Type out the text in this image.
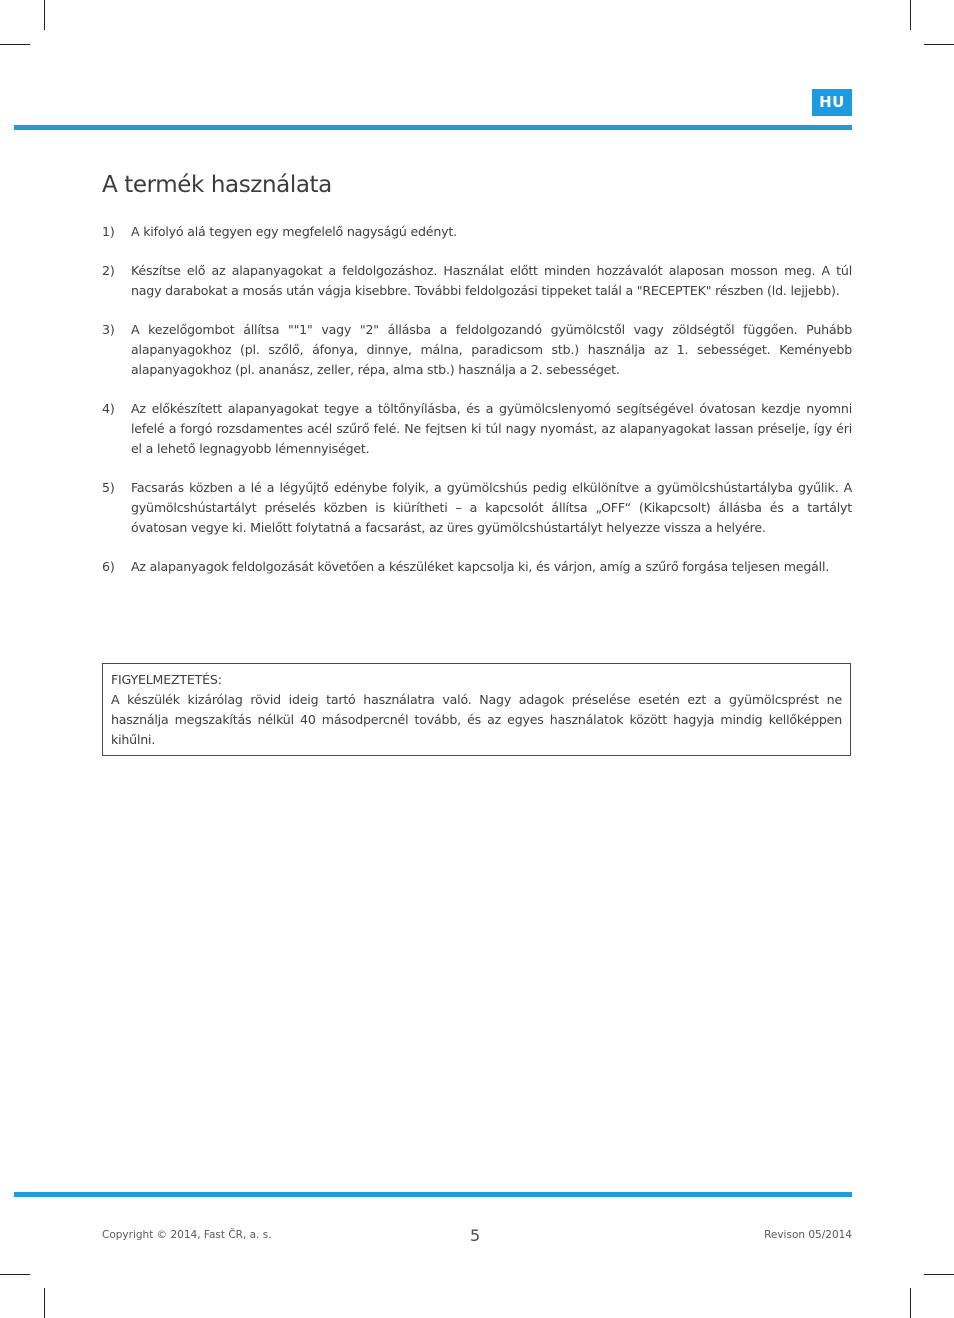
HU
A termék használata
1) A kifolyó alá tegyen egy megfelelő nagyságú edényt.
2) Készítse elő az alapanyagokat a feldolgozáshoz. Használat előtt minden hozzávalót alaposan mosson meg. A túl nagy darabokat a mosás után vágja kisebbre. További feldolgozási tippeket talál a "RECEPTEK" részben (ld. lejjebb).
3) A kezelőgombot állítsa ""1" vagy "2" állásba a feldolgozandó gyümölcstől vagy zöldségtől függően. Puhább alapanyagokhoz (pl. szőlő, áfonya, dinnye, málna, paradicsom stb.) használja az 1. sebességet. Keményebb alapanyagokhoz (pl. ananász, zeller, répa, alma stb.) használja a 2. sebességet.
4) Az előkészített alapanyagokat tegye a töltőnyílásba, és a gyümölcslenyomó segítségével óvatosan kezdje nyomni lefelé a forgó rozsdamentes acél szűrő felé. Ne fejtsen ki túl nagy nyomást, az alapanyagokat lassan préselje, így éri el a lehető legnagyobb lémennyiséget.
5) Facsarás közben a lé a légyűjtő edénybe folyik, a gyümölcshús pedig elkülönítve a gyümölcshústartályba gyűlik. A gyümölcshústartályt préselés közben is kiürítheti – a kapcsolót állítsa „OFF“ (Kikapcsolt) állásba és a tartályt óvatosan vegye ki. Mielőtt folytatná a facsarást, az üres gyümölcshústartályt helyezze vissza a helyére.
6) Az alapanyagok feldolgozását követően a készüléket kapcsolja ki, és várjon, amíg a szűrő forgása teljesen megáll.
FIGYELMEZTETÉS:
A készülék kizárólag rövid ideig tartó használatra való. Nagy adagok préselése esetén ezt a gyümölcsprést ne használja megszakítás nélkül 40 másodpercnél tovább, és az egyes használatok között hagyja mindig kellőképpen kihűlni.
Copyright © 2014, Fast ČR, a. s.	5	Revison 05/2014
